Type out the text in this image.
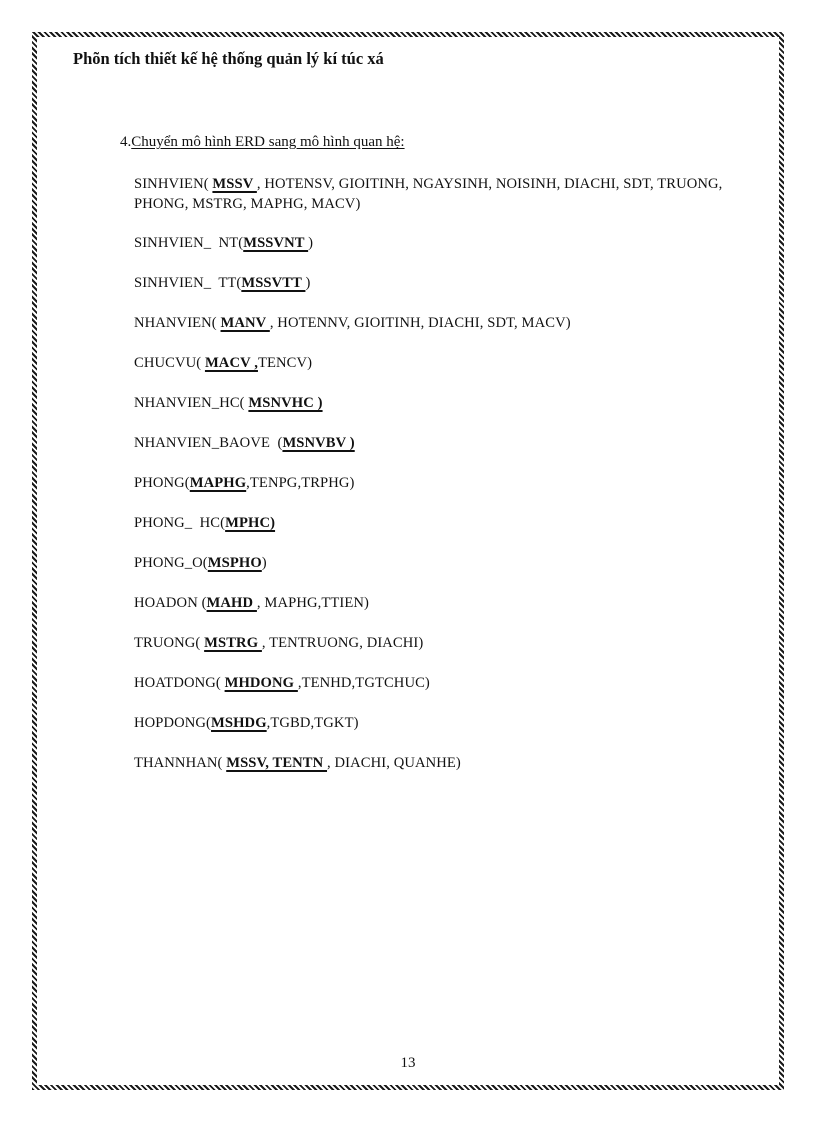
Phõn tích thiết kế hệ thống quản lý kí túc xá
4.Chuyển mô hình ERD sang mô hình quan hệ:
SINHVIEN( MSSV , HOTENSV, GIOITINH, NGAYSINH, NOISINH, DIACHI, SDT, TRUONG, PHONG, MSTRG, MAPHG, MACV)
SINHVIEN_  NT(MSSVNT )
SINHVIEN_  TT(MSSVTT )
NHANVIEN( MANV , HOTENNV, GIOITINH, DIACHI, SDT, MACV)
CHUCVU( MACV ,TENCV)
NHANVIEN_HC( MSNVHC )
NHANVIEN_BAOVE  (MSNVBV )
PHONG(MAPHG,TENPG,TRPHG)
PHONG_  HC(MPHC)
PHONG_O(MSPHO)
HOADON (MAHD , MAPHG,TTIEN)
TRUONG( MSTRG , TENTRUONG, DIACHI)
HOATDONG( MHDONG ,TENHD,TGTCHUC)
HOPDONG(MSHDG,TGBD,TGKT)
THANNHAN( MSSV, TENTN , DIACHI, QUANHE)
13
